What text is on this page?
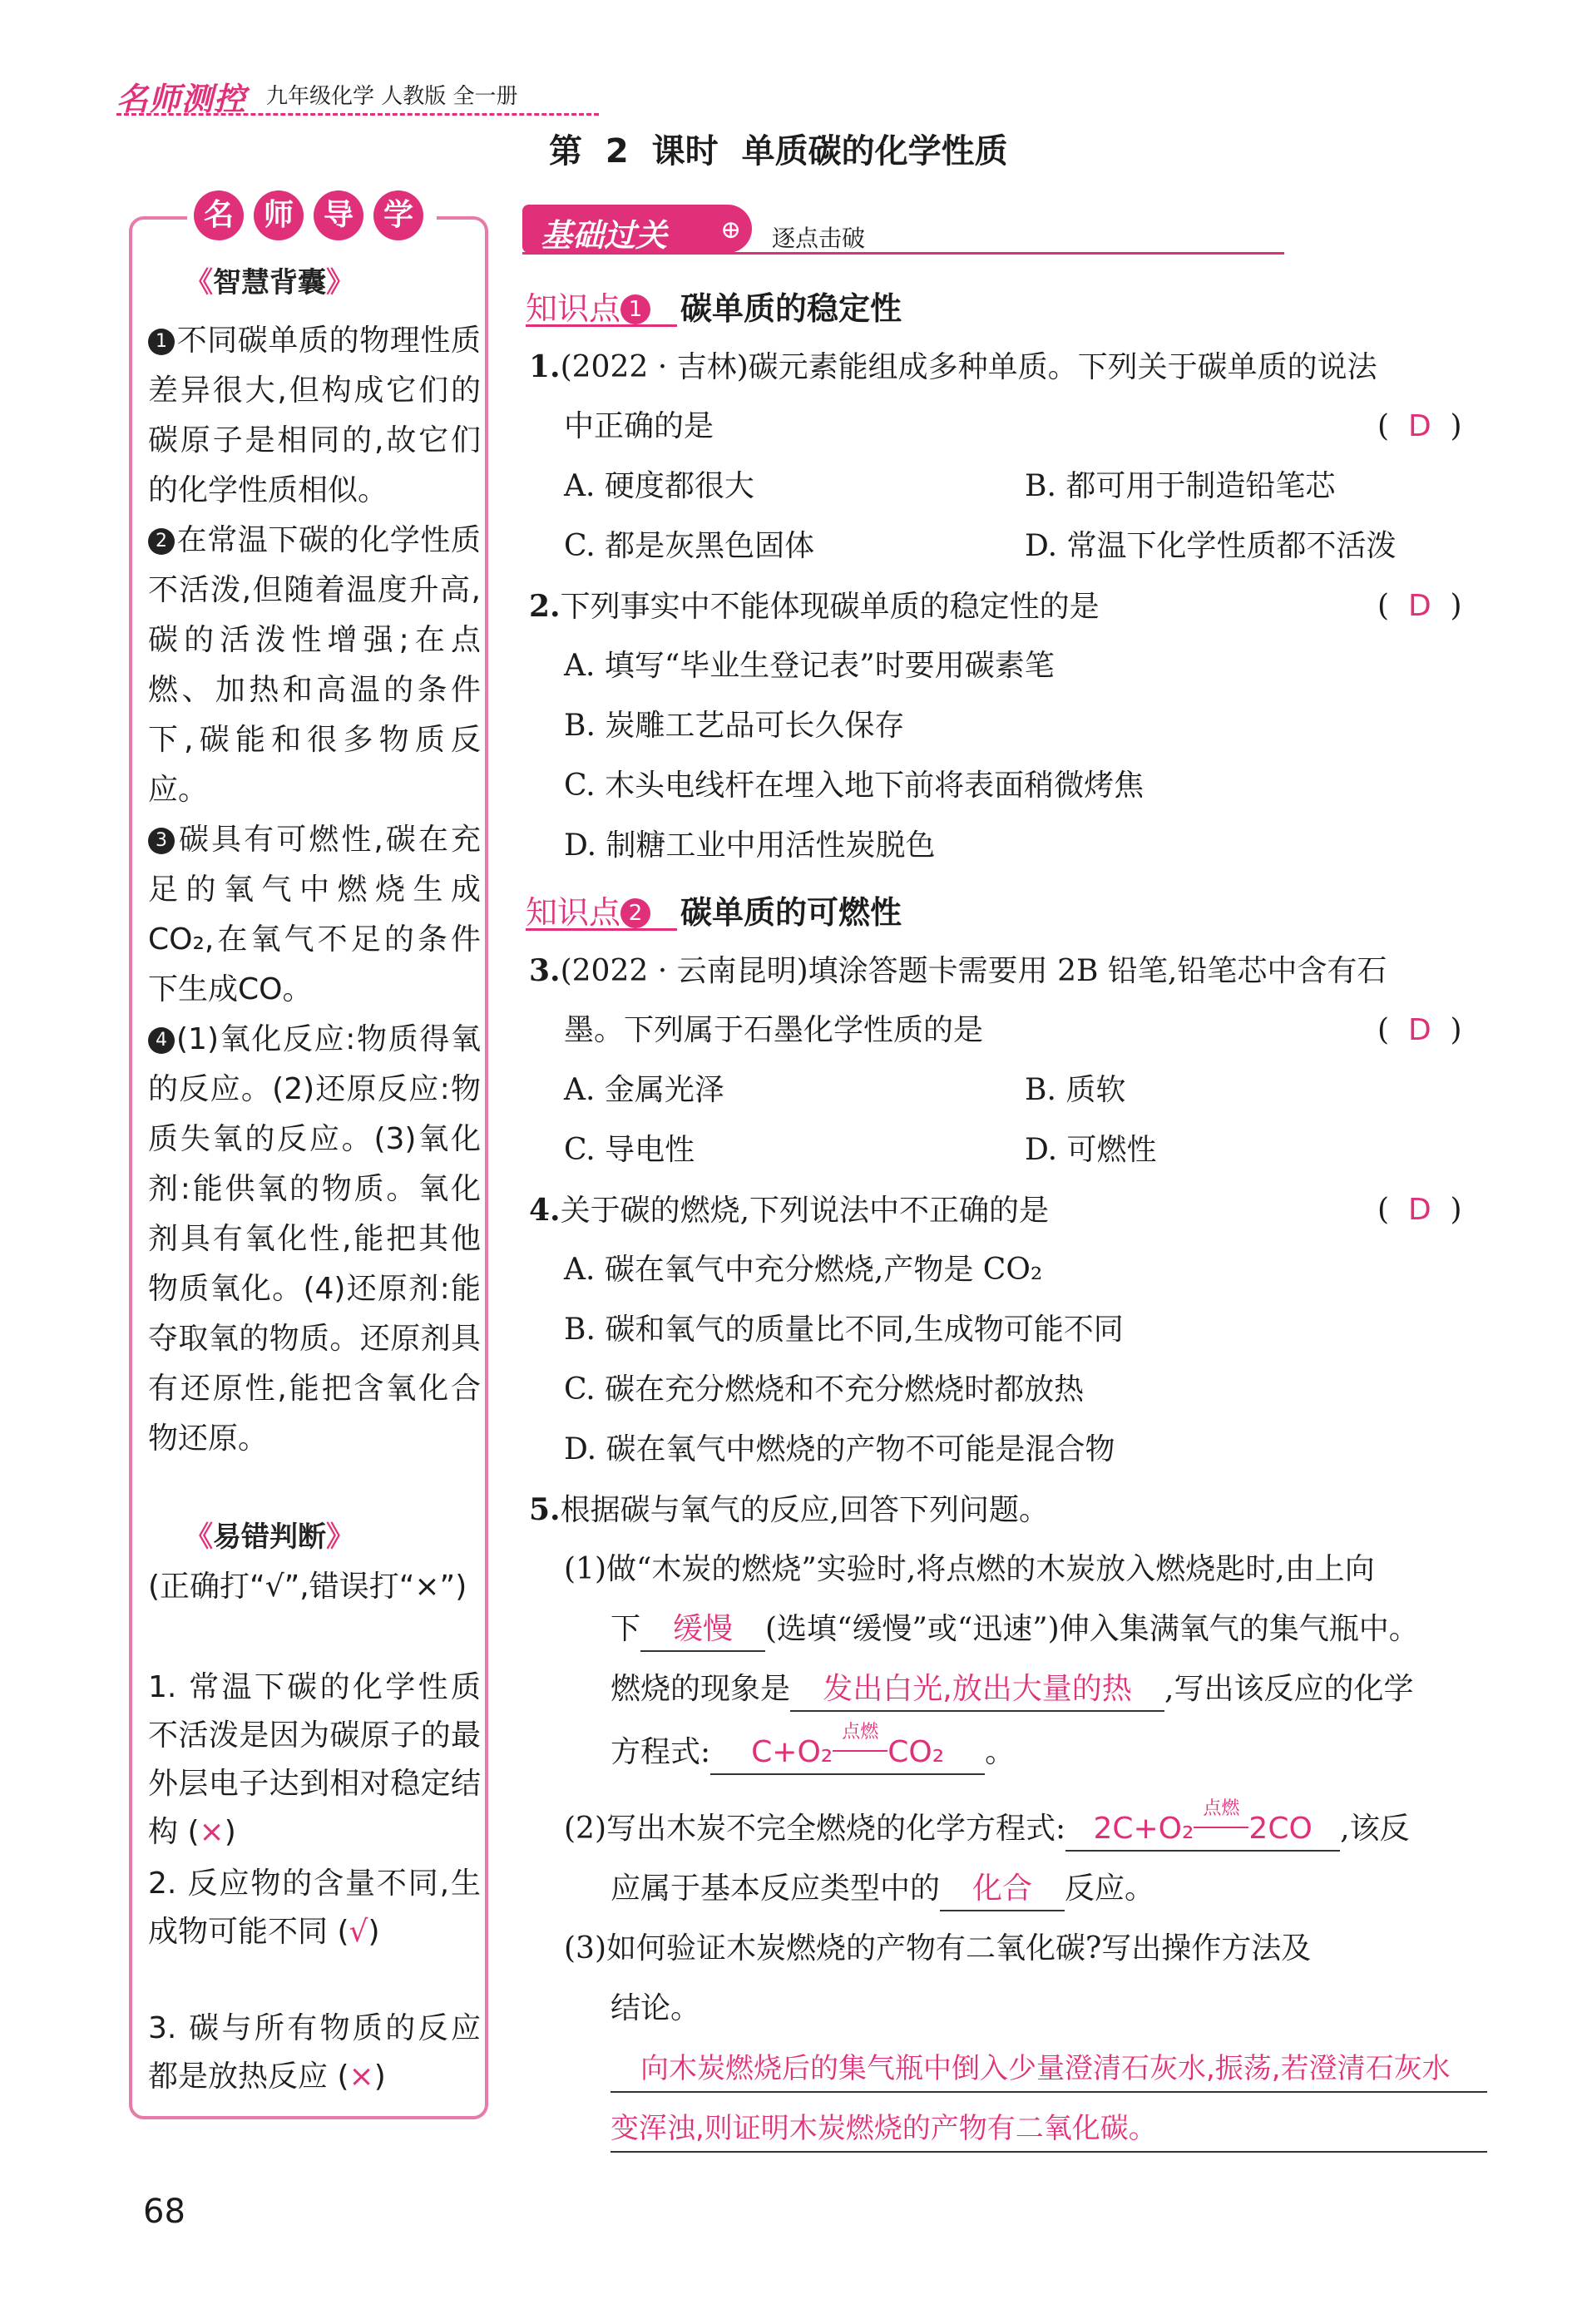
名师测控 九年级化学 人教版 全一册
第 2 课时 单质碳的化学性质
名 师 导 学
《智慧背囊》
1 不同碳单质的物理性质差异很大,但构成它们的碳原子是相同的,故它们的化学性质相似。
2 在常温下碳的化学性质不活泼,但随着温度升高,碳的活泼性增强;在点燃、加热和高温的条件下,碳能和很多物质反应。
3 碳具有可燃性,碳在充足的氧气中燃烧生成CO₂,在氧气不足的条件下生成CO。
4 (1)氧化反应:物质得氧的反应。(2)还原反应:物质失氧的反应。(3)氧化剂:能供氧的物质。氧化剂具有氧化性,能把其他物质氧化。(4)还原剂:能夺取氧的物质。还原剂具有还原性,能把含氧化合物还原。
《易错判断》
(正确打“√”,错误打“×”)
1. 常温下碳的化学性质不活泼是因为碳原子的最外层电子达到相对稳定结构 (×)
2. 反应物的含量不同,生成物可能不同 (√)
3. 碳与所有物质的反应都是放热反应 (×)
基础过关 ⊕ 逐点击破
知识点 1 碳单质的稳定性
1.(2022 · 吉林)碳元素能组成多种单质。下列关于碳单质的说法
中正确的是	(  D  )
A. 硬度都很大	B. 都可用于制造铅笔芯
C. 都是灰黑色固体	D. 常温下化学性质都不活泼
2.下列事实中不能体现碳单质的稳定性的是	(  D  )
A. 填写“毕业生登记表”时要用碳素笔
B. 炭雕工艺品可长久保存
C. 木头电线杆在埋入地下前将表面稍微烤焦
D. 制糖工业中用活性炭脱色
知识点 2 碳单质的可燃性
3.(2022 · 云南昆明)填涂答题卡需要用 2B 铅笔,铅笔芯中含有石
墨。下列属于石墨化学性质的是	(  D  )
A. 金属光泽	B. 质软
C. 导电性	D. 可燃性
4.关于碳的燃烧,下列说法中不正确的是	(  D  )
A. 碳在氧气中充分燃烧,产物是 CO₂
B. 碳和氧气的质量比不同,生成物可能不同
C. 碳在充分燃烧和不充分燃烧时都放热
D. 碳在氧气中燃烧的产物不可能是混合物
5.根据碳与氧气的反应,回答下列问题。
(1)做“木炭的燃烧”实验时,将点燃的木炭放入燃烧匙时,由上向
下 缓慢 (选填“缓慢”或“迅速”)伸入集满氧气的集气瓶中。
燃烧的现象是 发出白光,放出大量的热 ,写出该反应的化学
方程式: C+O₂
点燃
CO₂ 。
(2)写出木炭不完全燃烧的化学方程式: 2C+O₂
点燃
2CO ,该反
应属于基本反应类型中的 化合 反应。
(3)如何验证木炭燃烧的产物有二氧化碳?写出操作方法及
结论。
向木炭燃烧后的集气瓶中倒入少量澄清石灰水,振荡,若澄清石灰水
变浑浊,则证明木炭燃烧的产物有二氧化碳。
68
